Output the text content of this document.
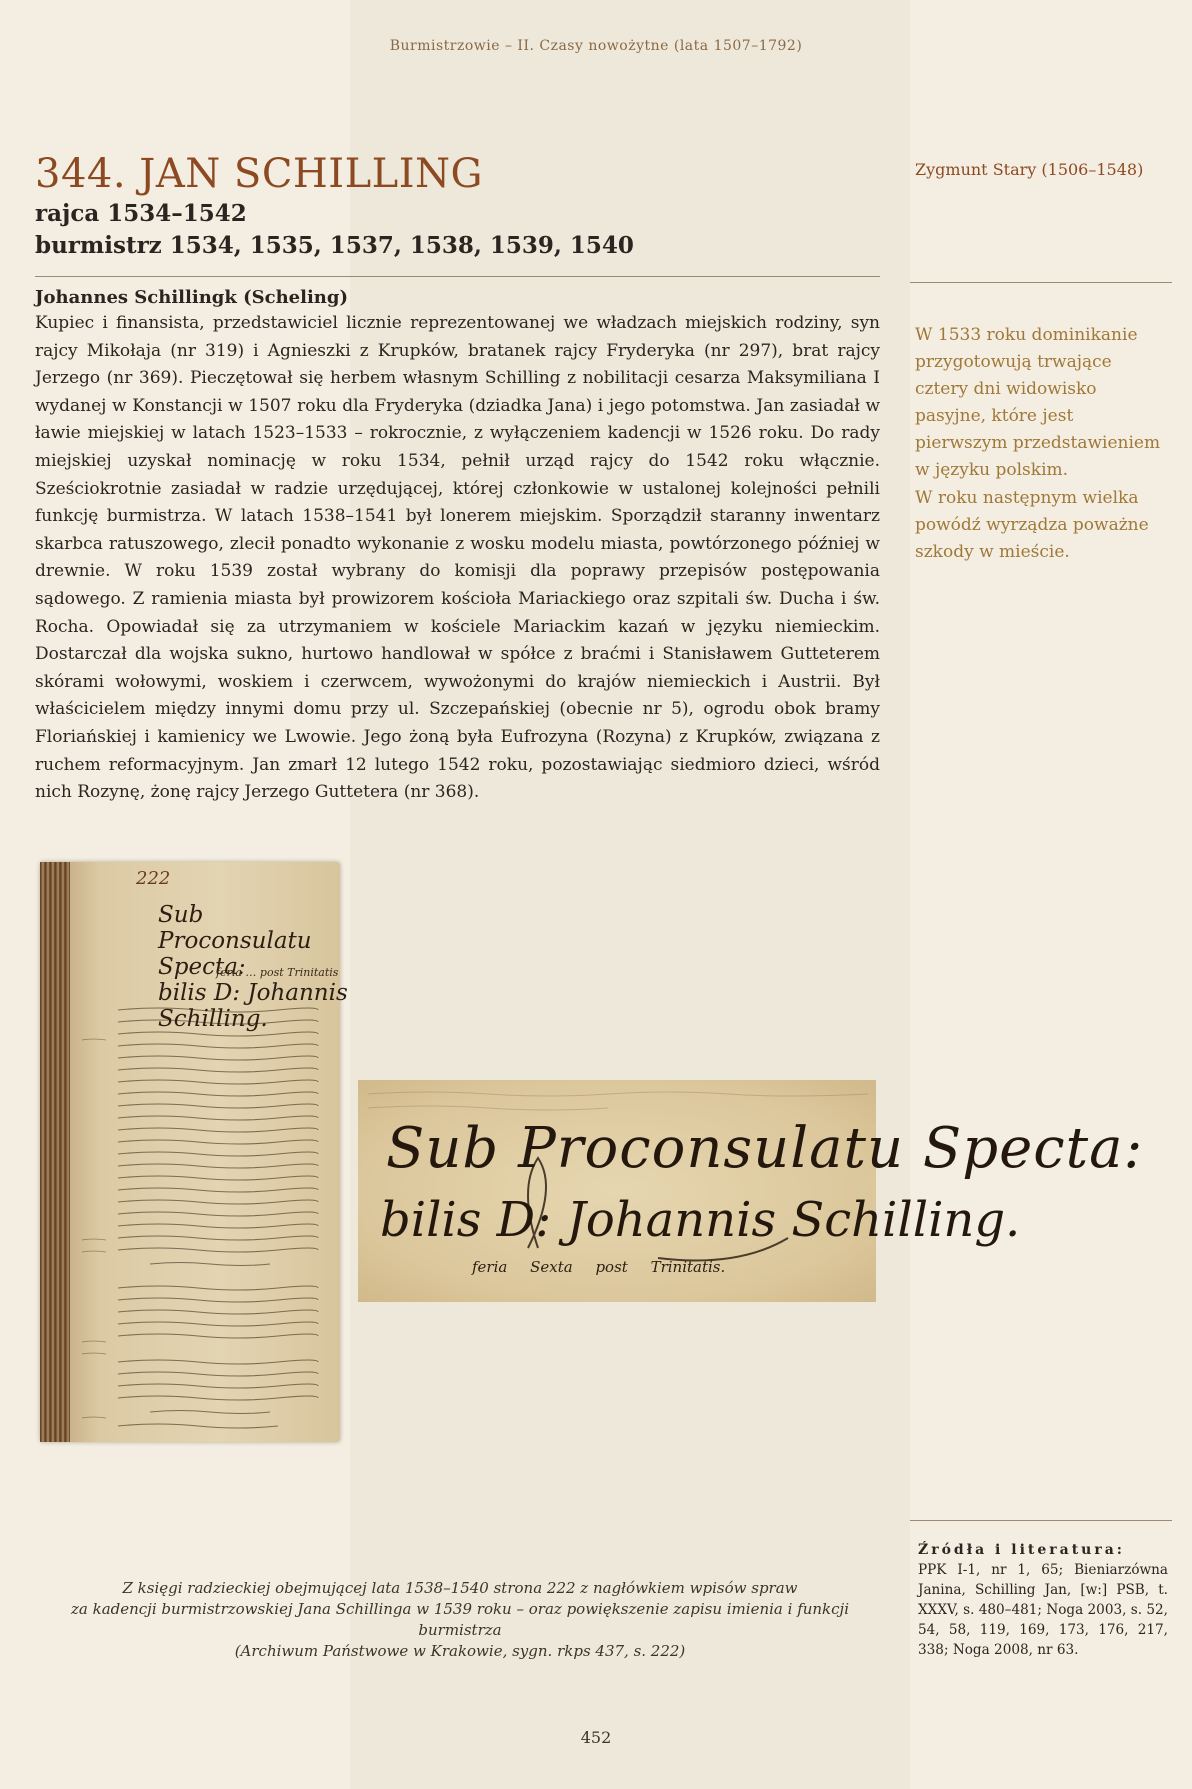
Burmistrzowie – II. Czasy nowożytne (lata 1507–1792)
344. JAN SCHILLING

rajca 1534–1542

burmistrz 1534, 1535, 1537, 1538, 1539, 1540

Johannes Schillingk (Scheling)

Kupiec i finansista, przedstawiciel licznie reprezentowanej we władzach miejskich rodziny, syn rajcy Mikołaja (nr 319) i Agnieszki z Krupków, bratanek rajcy Fryderyka (nr 297), brat rajcy Jerzego (nr 369). Pieczętował się herbem własnym Schilling z nobilitacji cesarza Maksymiliana I wydanej w Konstancji w 1507 roku dla Fryderyka (dziadka Jana) i jego potomstwa. Jan zasiadał w ławie miejskiej w latach 1523–1533 – rokrocznie, z wyłączeniem kadencji w 1526 roku. Do rady miejskiej uzyskał nominację w roku 1534, pełnił urząd rajcy do 1542 roku włącznie. Sześciokrotnie zasiadał w radzie urzędującej, której członkowie w ustalonej kolejności pełnili funkcję burmistrza. W latach 1538–1541 był lonerem miejskim. Sporządził staranny inwentarz skarbca ratuszowego, zlecił ponadto wykonanie z wosku modelu miasta, powtórzonego później w drewnie. W roku 1539 został wybrany do komisji dla poprawy przepisów postępowania sądowego. Z ramienia miasta był prowizorem kościoła Mariackiego oraz szpitali św. Ducha i św. Rocha. Opowiadał się za utrzymaniem w kościele Mariackim kazań w języku niemieckim. Dostarczał dla wojska sukno, hurtowo handlował w spółce z braćmi i Stanisławem Gutteterem skórami wołowymi, woskiem i czerwcem, wywożonymi do krajów niemieckich i Austrii. Był właścicielem między innymi domu przy ul. Szczepańskiej (obecnie nr 5), ogrodu obok bramy Floriańskiej i kamienicy we Lwowie. Jego żoną była Eufrozyna (Rozyna) z Krupków, związana z ruchem reformacyjnym. Jan zmarł 12 lutego 1542 roku, pozostawiając siedmioro dzieci, wśród nich Rozynę, żonę rajcy Jerzego Guttetera (nr 368).

Zygmunt Stary (1506–1548)
W 1533 roku dominikanie przygotowują trwające cztery dni widowisko pasyjne, które jest pierwszym przedstawieniem w języku polskim.
W roku następnym wielka powódź wyrządza poważne szkody w mieście.
222
Sub Proconsulatu Specta:
bilis D: Johannis Schilling.
feria … post Trinitatis
Sub Proconsulatu Specta:
bilis D: Johannis Schilling.
feria Sexta post Trinitatis.
Z księgi radzieckiej obejmującej lata 1538–1540 strona 222 z nagłówkiem wpisów spraw
za kadencji burmistrzowskiej Jana Schillinga w 1539 roku – oraz powiększenie zapisu imienia i funkcji burmistrza
(Archiwum Państwowe w Krakowie, sygn. rkps 437, s. 222)

Źródła i literatura:

PPK I-1, nr 1, 65; Bieniarzówna Janina, Schilling Jan, [w:] PSB, t. XXXV, s. 480–481; Noga 2003, s. 52, 54, 58, 119, 169, 173, 176, 217, 338; Noga 2008, nr 63.

452
